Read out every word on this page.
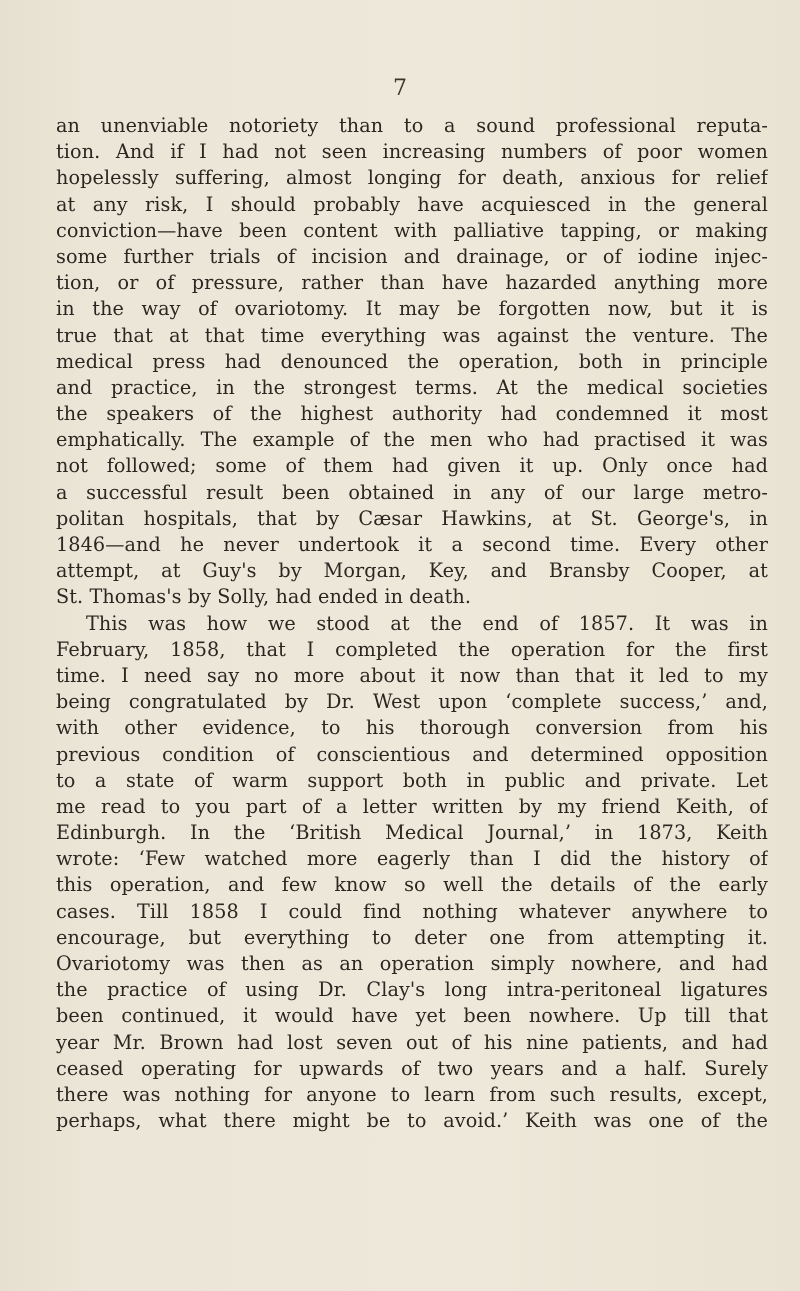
7
an unenviable notoriety than to a sound professional reputa-
tion. And if I had not seen increasing numbers of poor women
hopelessly suffering, almost longing for death, anxious for relief
at any risk, I should probably have acquiesced in the general
conviction—have been content with palliative tapping, or making
some further trials of incision and drainage, or of iodine injec-
tion, or of pressure, rather than have hazarded anything more
in the way of ovariotomy. It may be forgotten now, but it is
true that at that time everything was against the venture. The
medical press had denounced the operation, both in principle
and practice, in the strongest terms. At the medical societies
the speakers of the highest authority had condemned it most
emphatically. The example of the men who had practised it was
not followed; some of them had given it up. Only once had
a successful result been obtained in any of our large metro-
politan hospitals, that by Cæsar Hawkins, at St. George's, in
1846—and he never undertook it a second time. Every other
attempt, at Guy's by Morgan, Key, and Bransby Cooper, at
St. Thomas's by Solly, had ended in death.
This was how we stood at the end of 1857. It was in
February, 1858, that I completed the operation for the first
time. I need say no more about it now than that it led to my
being congratulated by Dr. West upon ‘complete success,’ and,
with other evidence, to his thorough conversion from his
previous condition of conscientious and determined opposition
to a state of warm support both in public and private. Let
me read to you part of a letter written by my friend Keith, of
Edinburgh. In the ‘British Medical Journal,’ in 1873, Keith
wrote: ‘Few watched more eagerly than I did the history of
this operation, and few know so well the details of the early
cases. Till 1858 I could find nothing whatever anywhere to
encourage, but everything to deter one from attempting it.
Ovariotomy was then as an operation simply nowhere, and had
the practice of using Dr. Clay's long intra-peritoneal ligatures
been continued, it would have yet been nowhere. Up till that
year Mr. Brown had lost seven out of his nine patients, and had
ceased operating for upwards of two years and a half. Surely
there was nothing for anyone to learn from such results, except,
perhaps, what there might be to avoid.’ Keith was one of the
